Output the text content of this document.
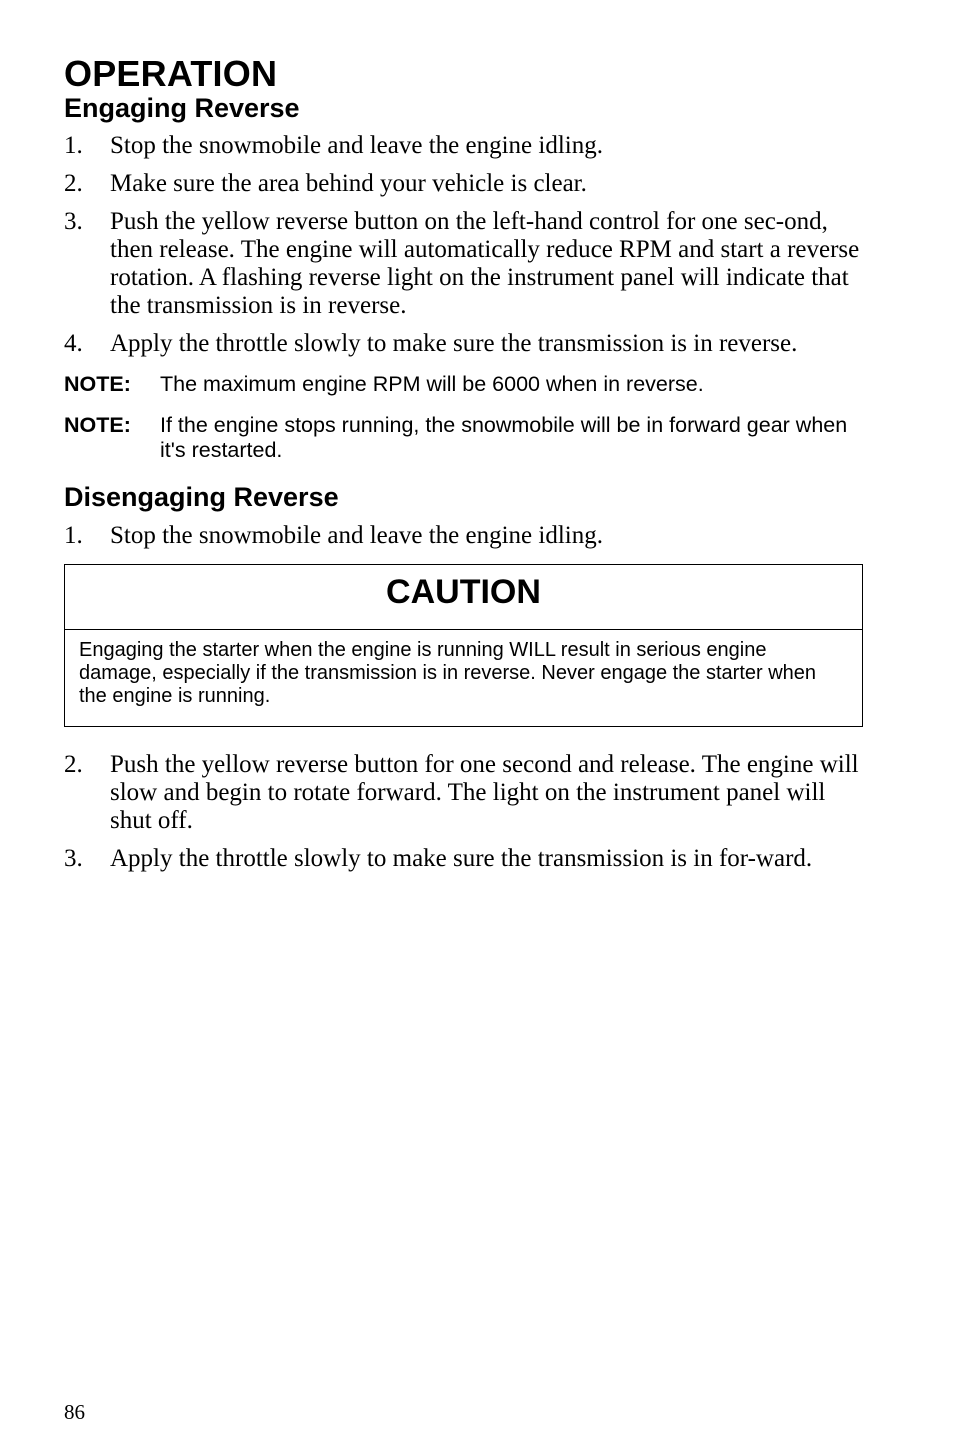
OPERATION
Engaging Reverse
1. Stop the snowmobile and leave the engine idling.
2. Make sure the area behind your vehicle is clear.
3. Push the yellow reverse button on the left-hand control for one sec-ond, then release. The engine will automatically reduce RPM and start a reverse rotation. A flashing reverse light on the instrument panel will indicate that the transmission is in reverse.
4. Apply the throttle slowly to make sure the transmission is in reverse.
NOTE: The maximum engine RPM will be 6000 when in reverse.
NOTE: If the engine stops running, the snowmobile will be in forward gear when it's restarted.
Disengaging Reverse
1. Stop the snowmobile and leave the engine idling.
CAUTION
Engaging the starter when the engine is running WILL result in serious engine damage, especially if the transmission is in reverse. Never engage the starter when the engine is running.
2. Push the yellow reverse button for one second and release. The engine will slow and begin to rotate forward. The light on the instrument panel will shut off.
3. Apply the throttle slowly to make sure the transmission is in for-ward.
86
